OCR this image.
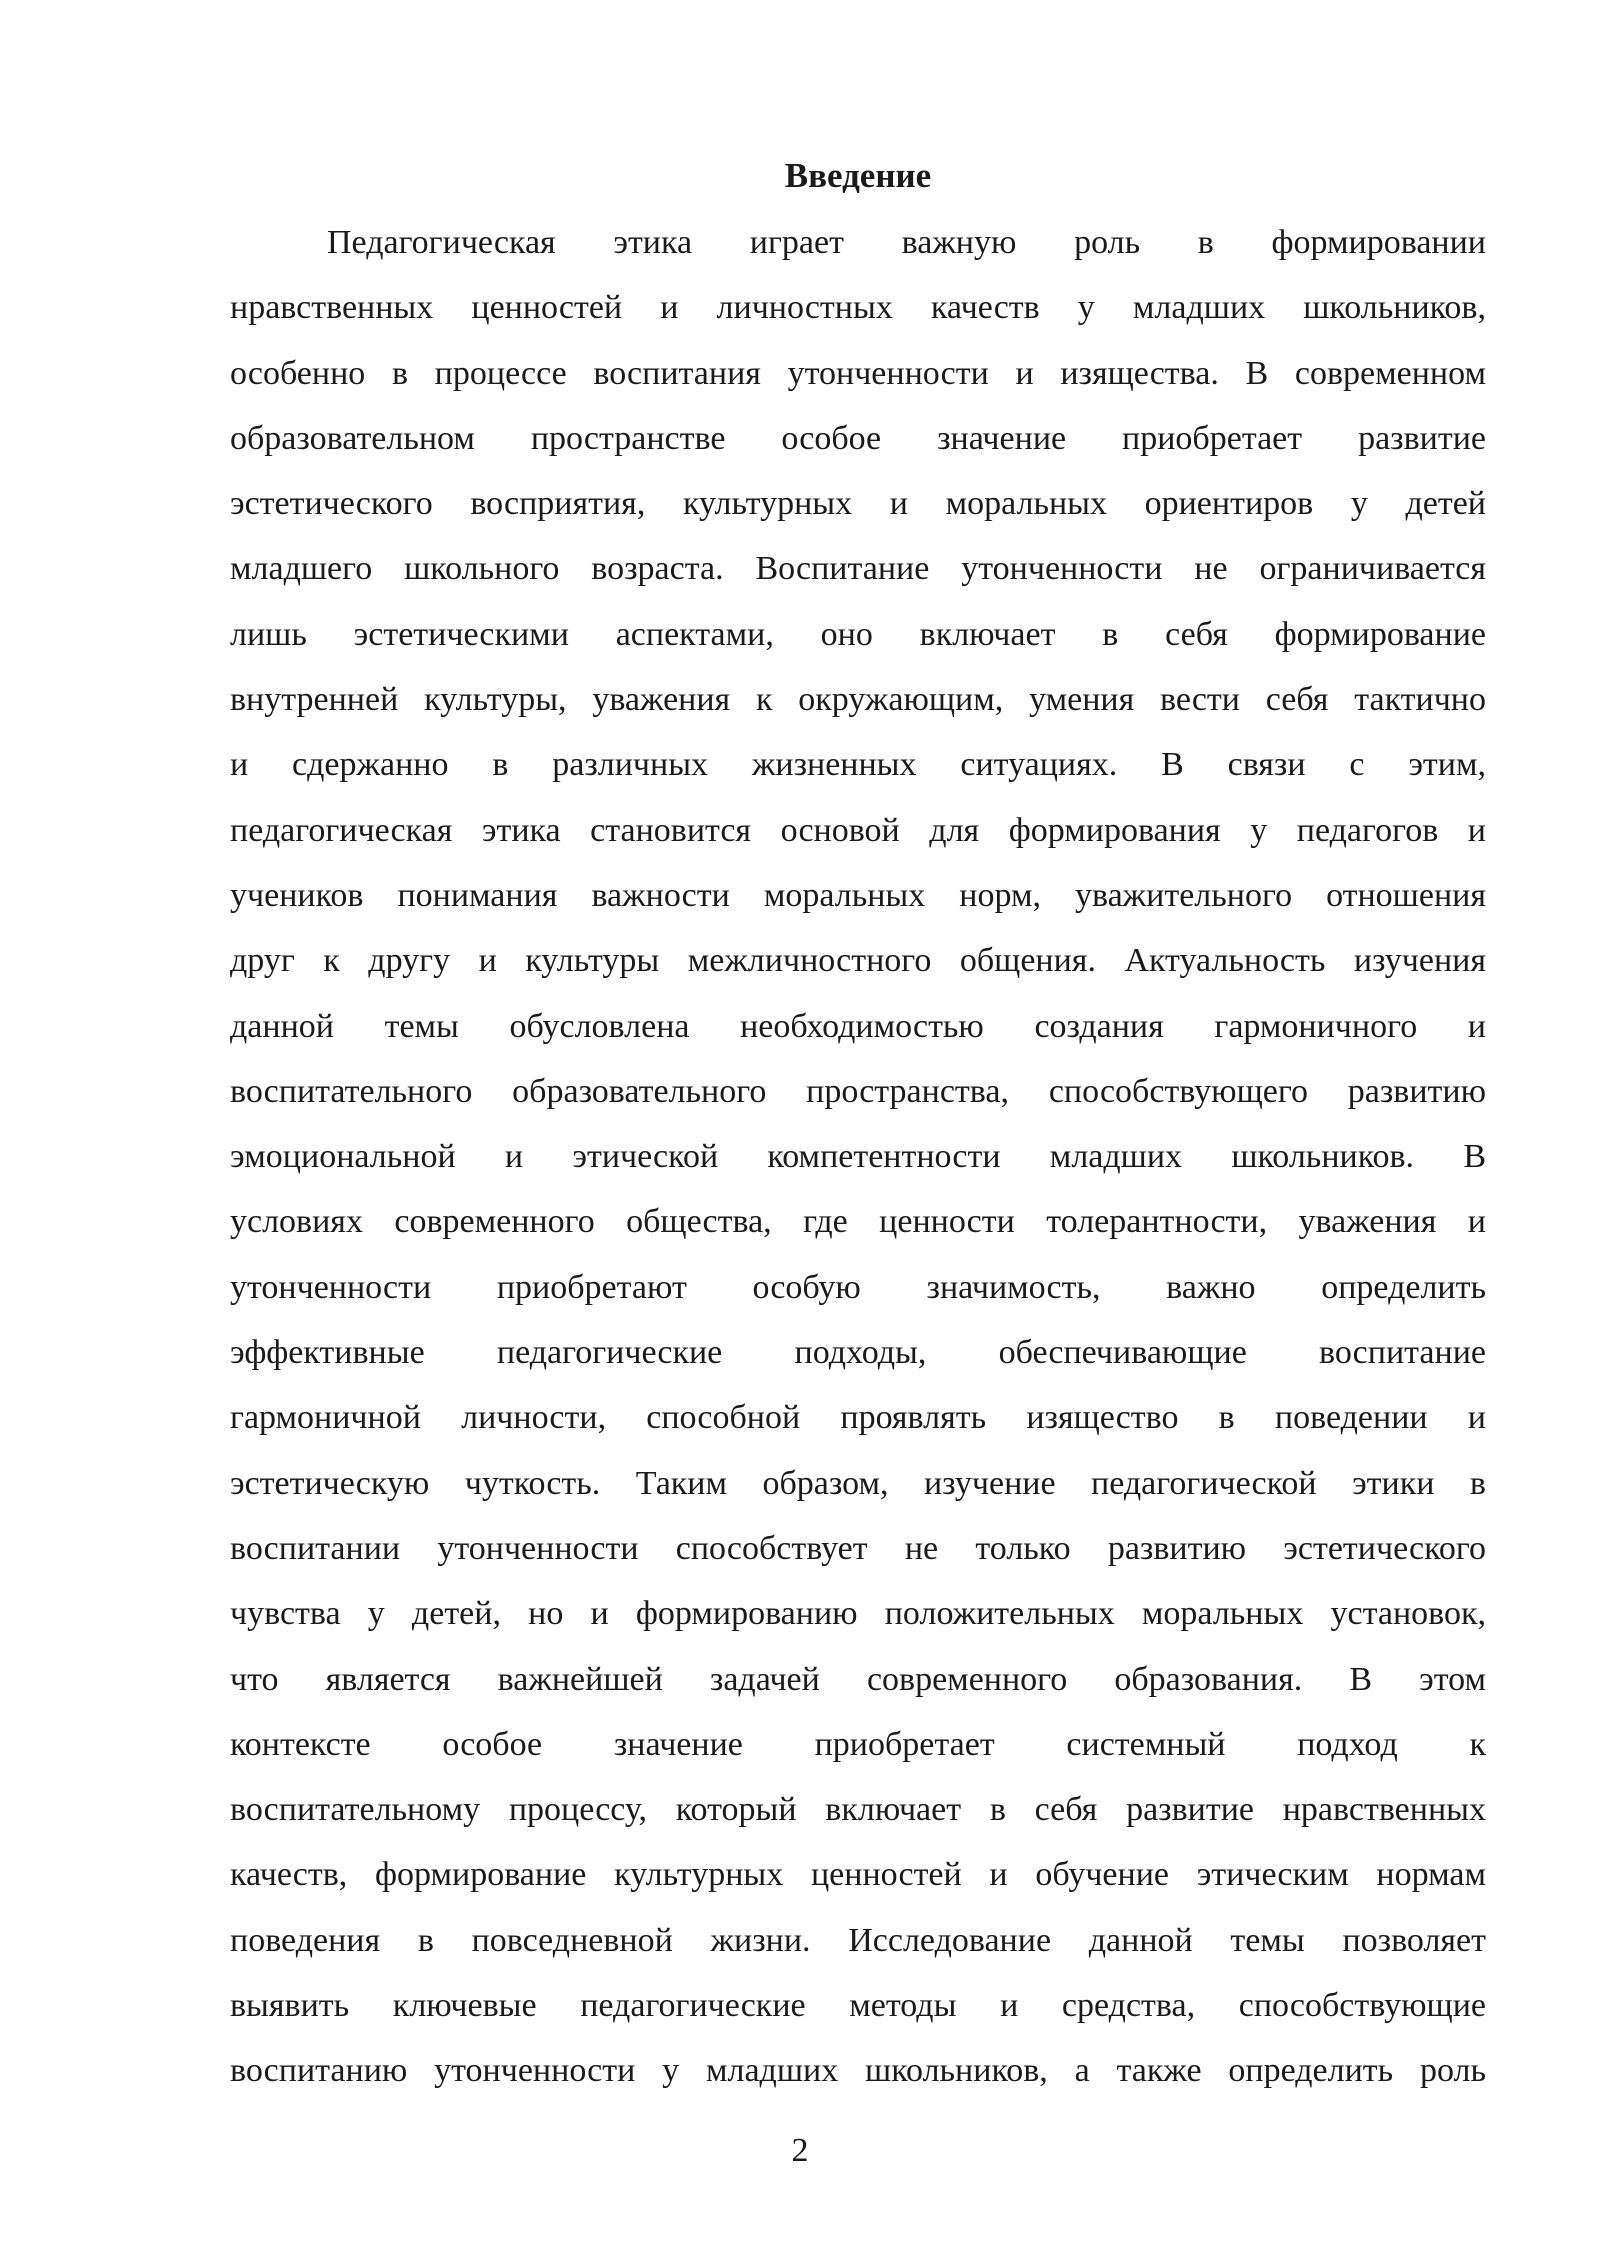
Введение
Педагогическая этика играет важную роль в формировании
нравственных ценностей и личностных качеств у младших школьников,
особенно в процессе воспитания утонченности и изящества. В современном
образовательном пространстве особое значение приобретает развитие
эстетического восприятия, культурных и моральных ориентиров у детей
младшего школьного возраста. Воспитание утонченности не ограничивается
лишь эстетическими аспектами, оно включает в себя формирование
внутренней культуры, уважения к окружающим, умения вести себя тактично
и сдержанно в различных жизненных ситуациях. В связи с этим,
педагогическая этика становится основой для формирования у педагогов и
учеников понимания важности моральных норм, уважительного отношения
друг к другу и культуры межличностного общения. Актуальность изучения
данной темы обусловлена необходимостью создания гармоничного и
воспитательного образовательного пространства, способствующего развитию
эмоциональной и этической компетентности младших школьников. В
условиях современного общества, где ценности толерантности, уважения и
утонченности приобретают особую значимость, важно определить
эффективные педагогические подходы, обеспечивающие воспитание
гармоничной личности, способной проявлять изящество в поведении и
эстетическую чуткость. Таким образом, изучение педагогической этики в
воспитании утонченности способствует не только развитию эстетического
чувства у детей, но и формированию положительных моральных установок,
что является важнейшей задачей современного образования. В этом
контексте особое значение приобретает системный подход к
воспитательному процессу, который включает в себя развитие нравственных
качеств, формирование культурных ценностей и обучение этическим нормам
поведения в повседневной жизни. Исследование данной темы позволяет
выявить ключевые педагогические методы и средства, способствующие
воспитанию утонченности у младших школьников, а также определить роль
2
